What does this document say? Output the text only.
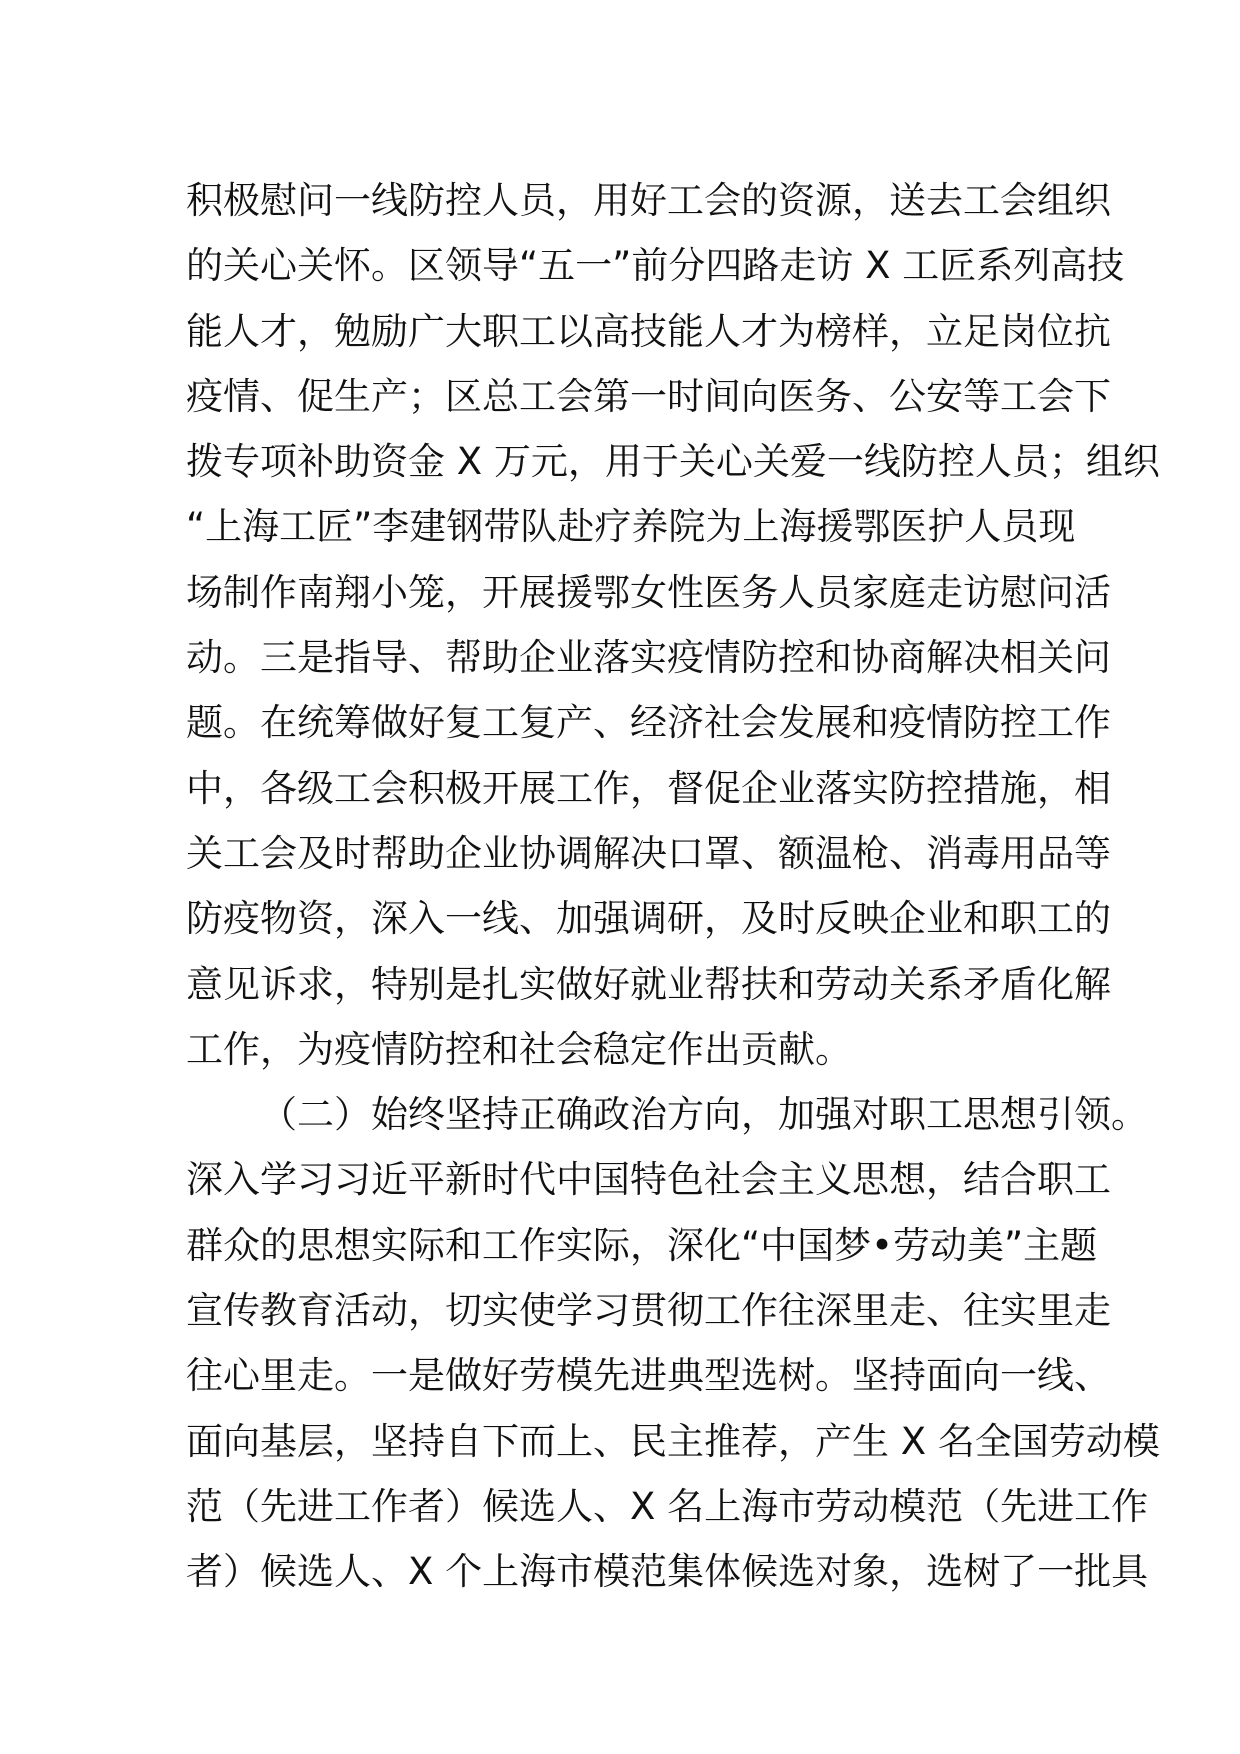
积极慰问一线防控人员，用好工会的资源，送去工会组织
的关心关怀。区领导“五一”前分四路走访 X 工匠系列高技
能人才，勉励广大职工以高技能人才为榜样，立足岗位抗
疫情、促生产；区总工会第一时间向医务、公安等工会下
拨专项补助资金 X 万元，用于关心关爱一线防控人员；组织
“上海工匠”李建钢带队赴疗养院为上海援鄂医护人员现
场制作南翔小笼，开展援鄂女性医务人员家庭走访慰问活
动。三是指导、帮助企业落实疫情防控和协商解决相关问
题。在统筹做好复工复产、经济社会发展和疫情防控工作
中，各级工会积极开展工作，督促企业落实防控措施，相
关工会及时帮助企业协调解决口罩、额温枪、消毒用品等
防疫物资，深入一线、加强调研，及时反映企业和职工的
意见诉求，特别是扎实做好就业帮扶和劳动关系矛盾化解
工作，为疫情防控和社会稳定作出贡献。
（二）始终坚持正确政治方向，加强对职工思想引领。
深入学习习近平新时代中国特色社会主义思想，结合职工
群众的思想实际和工作实际，深化“中国梦•劳动美”主题
宣传教育活动，切实使学习贯彻工作往深里走、往实里走
往心里走。一是做好劳模先进典型选树。坚持面向一线、
面向基层，坚持自下而上、民主推荐，产生 X 名全国劳动模
范（先进工作者）候选人、X 名上海市劳动模范（先进工作
者）候选人、X 个上海市模范集体候选对象，选树了一批具
